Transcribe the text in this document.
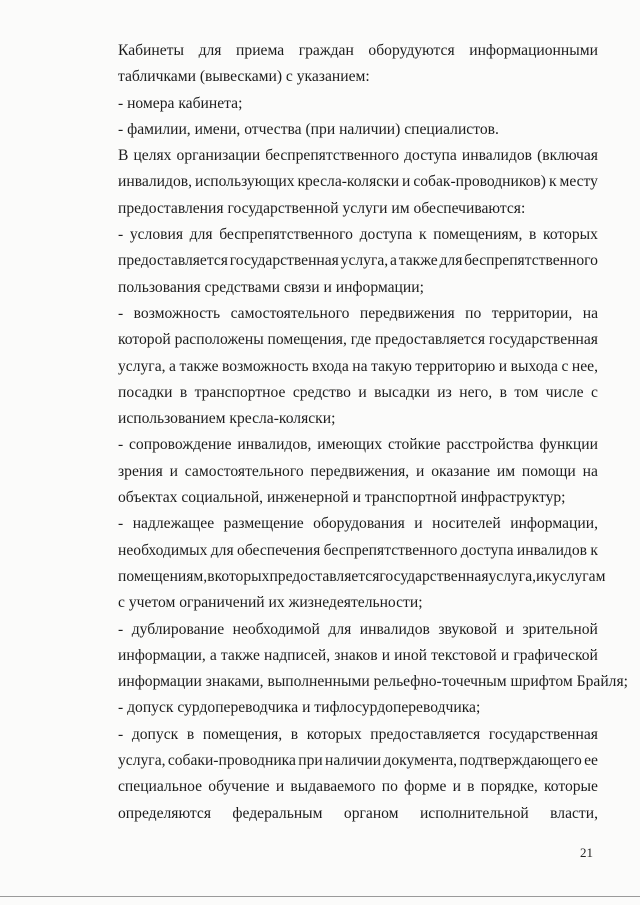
Кабинеты для приема граждан оборудуются информационными
табличками (вывесками) с указанием:
- номера кабинета;
- фамилии, имени, отчества (при наличии) специалистов.
В целях организации беспрепятственного доступа инвалидов (включая
инвалидов, использующих кресла-коляски и собак-проводников) к месту
предоставления государственной услуги им обеспечиваются:
- условия для беспрепятственного доступа к помещениям, в которых
предоставляется государственная услуга, а также для беспрепятственного
пользования средствами связи и информации;
- возможность самостоятельного передвижения по территории, на
которой расположены помещения, где предоставляется государственная
услуга, а также возможность входа на такую территорию и выхода с нее,
посадки в транспортное средство и высадки из него, в том числе с
использованием кресла-коляски;
- сопровождение инвалидов, имеющих стойкие расстройства функции
зрения и самостоятельного передвижения, и оказание им помощи на
объектах социальной, инженерной и транспортной инфраструктур;
- надлежащее размещение оборудования и носителей информации,
необходимых для обеспечения беспрепятственного доступа инвалидов к
помещениям, в которых предоставляется государственная услуга, и к услугам
с учетом ограничений их жизнедеятельности;
- дублирование необходимой для инвалидов звуковой и зрительной
информации, а также надписей, знаков и иной текстовой и графической
информации знаками, выполненными рельефно-точечным шрифтом Брайля;
- допуск сурдопереводчика и тифлосурдопереводчика;
- допуск в помещения, в которых предоставляется государственная
услуга, собаки-проводника при наличии документа, подтверждающего ее
специальное обучение и выдаваемого по форме и в порядке, которые
определяются федеральным органом исполнительной власти,
21
